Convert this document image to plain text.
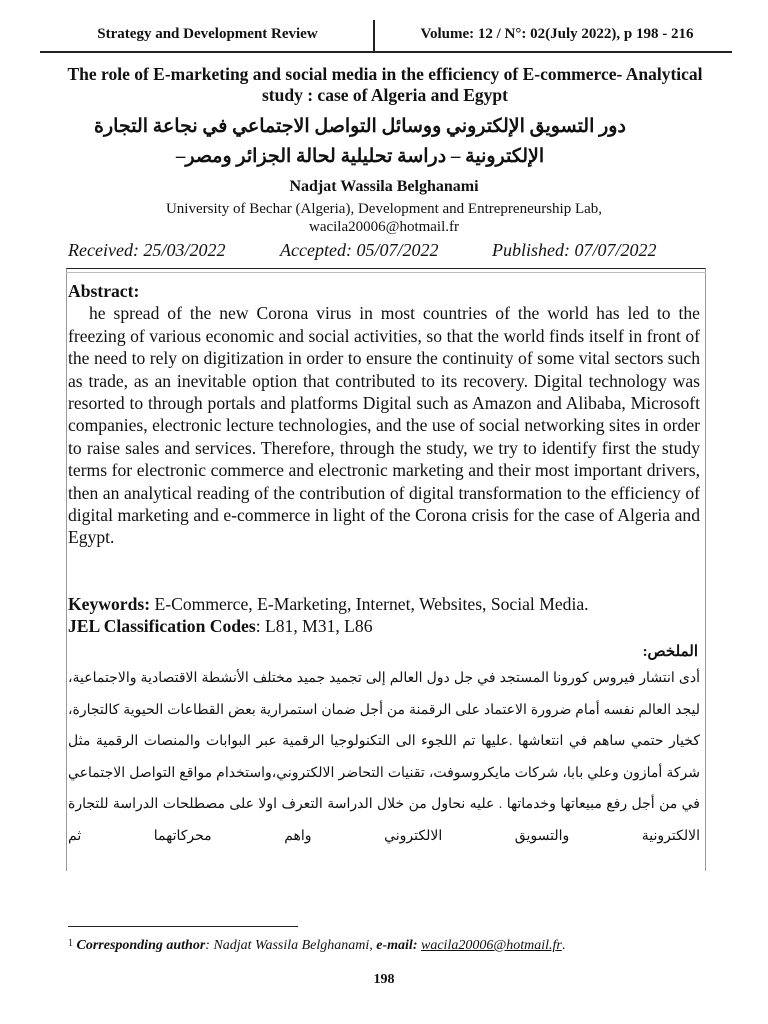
Strategy and Development Review	Volume: 12 / N°: 02(July 2022), p 198 - 216
The role of E-marketing and social media in the efficiency of E-commerce- Analytical study : case of Algeria and Egypt
دور التسويق الإلكتروني ووسائل التواصل الاجتماعي في نجاعة التجارة الإلكترونية – دراسة تحليلية لحالة الجزائر ومصر–
Nadjat Wassila Belghanami
University of Bechar (Algeria), Development and Entrepreneurship Lab,
wacila20006@hotmail.fr
Received: 25/03/2022	Accepted: 05/07/2022	Published: 07/07/2022
Abstract:
he spread of the new Corona virus in most countries of the world has led to the freezing of various economic and social activities, so that the world finds itself in front of the need to rely on digitization in order to ensure the continuity of some vital sectors such as trade, as an inevitable option that contributed to its recovery. Digital technology was resorted to through portals and platforms Digital such as Amazon and Alibaba, Microsoft companies, electronic lecture technologies, and the use of social networking sites in order to raise sales and services. Therefore, through the study, we try to identify first the study terms for electronic commerce and electronic marketing and their most important drivers, then an analytical reading of the contribution of digital transformation to the efficiency of digital marketing and e-commerce in light of the Corona crisis for the case of Algeria and Egypt.
Keywords: E-Commerce, E-Marketing, Internet, Websites, Social Media.
JEL Classification Codes: L81, M31, L86
الملخص:
أدى انتشار فيروس كورونا المستجد في جل دول العالم إلى تجميد جميد مختلف الأنشطة الاقتصادية والاجتماعية، ليجد العالم نفسه أمام ضرورة الاعتماد على الرقمنة من أجل ضمان استمرارية بعض القطاعات الحيوية كالتجارة، كخيار حتمي ساهم في انتعاشها .عليها تم اللجوء الى التكنولوجيا الرقمية عبر البوابات والمنصات الرقمية مثل شركة أمازون وعلي بابا، شركات مايكروسوفت، تقنيات التحاضر الالكتروني،واستخدام مواقع التواصل الاجتماعي في من أجل رفع مبيعاتها وخدماتها . عليه نحاول من خلال الدراسة التعرف اولا على مصطلحات الدراسة للتجارة الالكترونية والتسويق الالكتروني واهم محركاتهما ثم
$^1$ Corresponding author: Nadjat Wassila Belghanami, e-mail: wacila20006@hotmail.fr.
198
